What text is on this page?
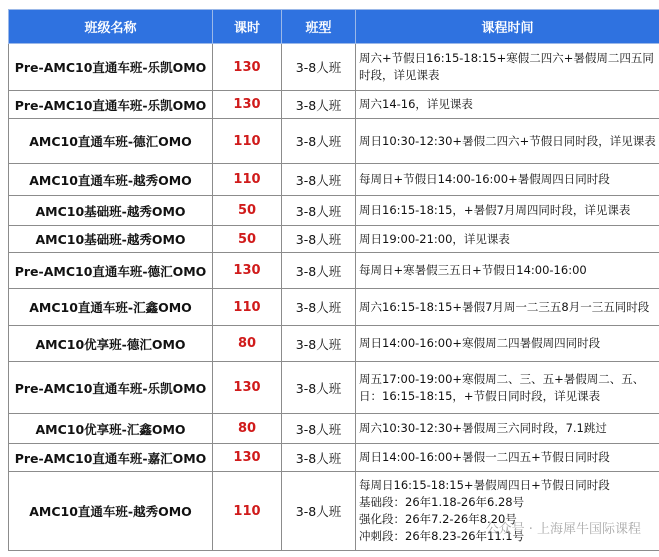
班级名称	课时	班型	课程时间
Pre-AMC10直通车班-乐凯OMO	130	3-8人班	周六+节假日16:15-18:15+寒假二四六+暑假周二四五同
时段，详见课表

Pre-AMC10直通车班-乐凯OMO	130	3-8人班	周六14-16，详见课表

AMC10直通车班-德汇OMO	110	3-8人班	周日10:30-12:30+暑假二四六+节假日同时段，详见课表

AMC10直通车班-越秀OMO	110	3-8人班	每周日+节假日14:00-16:00+暑假周四日同时段

AMC10基础班-越秀OMO	50	3-8人班	周日16:15-18:15，+暑假7月周四同时段，详见课表

AMC10基础班-越秀OMO	50	3-8人班	周日19:00-21:00，详见课表

Pre-AMC10直通车班-德汇OMO	130	3-8人班	每周日+寒暑假三五日+节假日14:00-16:00

AMC10直通车班-汇鑫OMO	110	3-8人班	周六16:15-18:15+暑假7月周一二三五8月一三五同时段

AMC10优享班-德汇OMO	80	3-8人班	周日14:00-16:00+寒假周二四暑假周四同时段

Pre-AMC10直通车班-乐凯OMO	130	3-8人班	周五17:00-19:00+寒假周二、三、五+暑假周二、五、
日：16:15-18:15，+节假日同时段，详见课表

AMC10优享班-汇鑫OMO	80	3-8人班	周六10:30-12:30+暑假周三六同时段，7.1跳过

Pre-AMC10直通车班-嘉汇OMO	130	3-8人班	周日14:00-16:00+暑假一二四五+节假日同时段

AMC10直通车班-越秀OMO	110	3-8人班	每周日16:15-18:15+暑假周四日+节假日同时段
基础段：26年1.18-26年6.28号
强化段：26年7.2-26年8.20号
冲刺段：26年8.23-26年11.1号
公众号 · 上海犀牛国际课程
